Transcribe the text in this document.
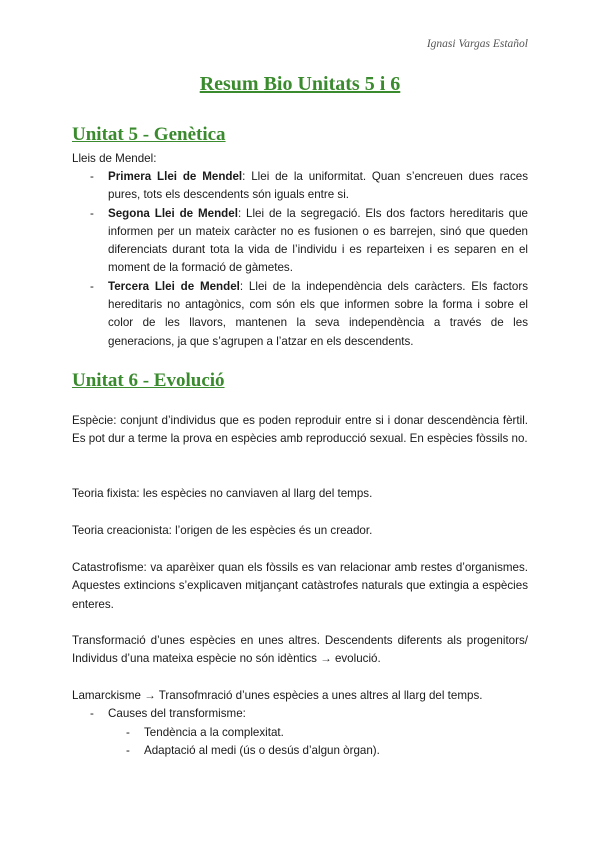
Ignasi Vargas Estañol
Resum Bio Unitats 5 i 6
Unitat 5 - Genètica

Lleis de Mendel:

- Primera Llei de Mendel: Llei de la uniformitat. Quan s’encreuen dues races pures, tots els descendents són iguals entre si.
- Segona Llei de Mendel: Llei de la segregació. Els dos factors hereditaris que informen per un mateix caràcter no es fusionen o es barrejen, sinó que queden diferenciats durant tota la vida de l’individu i es reparteixen i es separen en el moment de la formació de gàmetes.
- Tercera Llei de Mendel: Llei de la independència dels caràcters. Els factors hereditaris no antagònics, com són els que informen sobre la forma i sobre el color de les llavors, mantenen la seva independència a través de les generacions, ja que s’agrupen a l’atzar en els descendents.
Unitat 6 - Evolució

Espècie: conjunt d’individus que es poden reproduir entre si i donar descendència fèrtil. Es pot dur a terme la prova en espècies amb reproducció sexual. En espècies fòssils no.

Teoria fixista: les espècies no canviaven al llarg del temps.

Teoria creacionista: l’origen de les espècies és un creador.

Catastrofisme: va aparèixer quan els fòssils es van relacionar amb restes d’organismes. Aquestes extincions s’explicaven mitjançant catàstrofes naturals que extingia a espècies enteres.

Transformació d’unes espècies en unes altres. Descendents diferents als progenitors/ Individus d’una mateixa espècie no són idèntics → evolució.

Lamarckisme → Transofmració d’unes espècies a unes altres al llarg del temps.

- Causes del transformisme:
- Tendència a la complexitat.
- Adaptació al medi (ús o desús d’algun òrgan).
